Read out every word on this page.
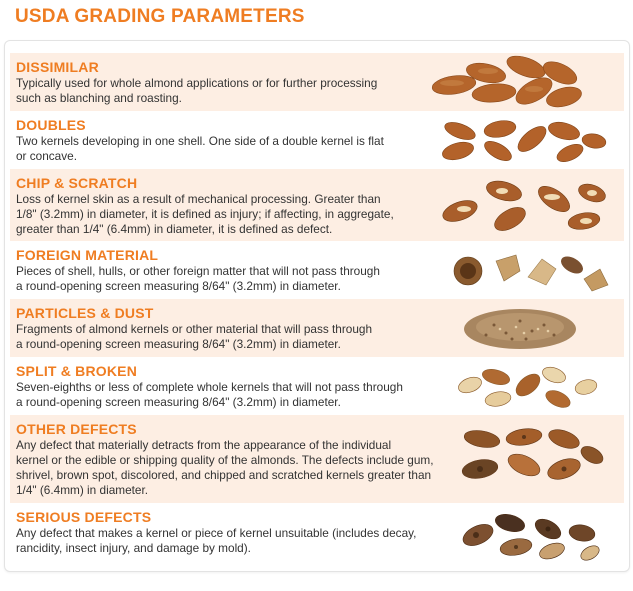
USDA GRADING PARAMETERS
DISSIMILAR
Typically used for whole almond applications or for further processing
such as blanching and roasting.
DOUBLES
Two kernels developing in one shell. One side of a double kernel is flat
or concave.
CHIP & SCRATCH
Loss of kernel skin as a result of mechanical processing. Greater than
1/8" (3.2mm) in diameter, it is defined as injury; if affecting, in aggregate,
greater than 1/4" (6.4mm) in diameter, it is defined as defect.
FOREIGN MATERIAL
Pieces of shell, hulls, or other foreign matter that will not pass through
a round-opening screen measuring 8/64" (3.2mm) in diameter.
PARTICLES & DUST
Fragments of almond kernels or other material that will pass through
a round-opening screen measuring 8/64" (3.2mm) in diameter.
SPLIT & BROKEN
Seven-eighths or less of complete whole kernels that will not pass through
a round-opening screen measuring 8/64" (3.2mm) in diameter.
OTHER DEFECTS
Any defect that materially detracts from the appearance of the individual
kernel or the edible or shipping quality of the almonds. The defects include gum,
shrivel, brown spot, discolored, and chipped and scratched kernels greater than
1/4" (6.4mm) in diameter.
SERIOUS DEFECTS
Any defect that makes a kernel or piece of kernel unsuitable (includes decay,
rancidity, insect injury, and damage by mold).
